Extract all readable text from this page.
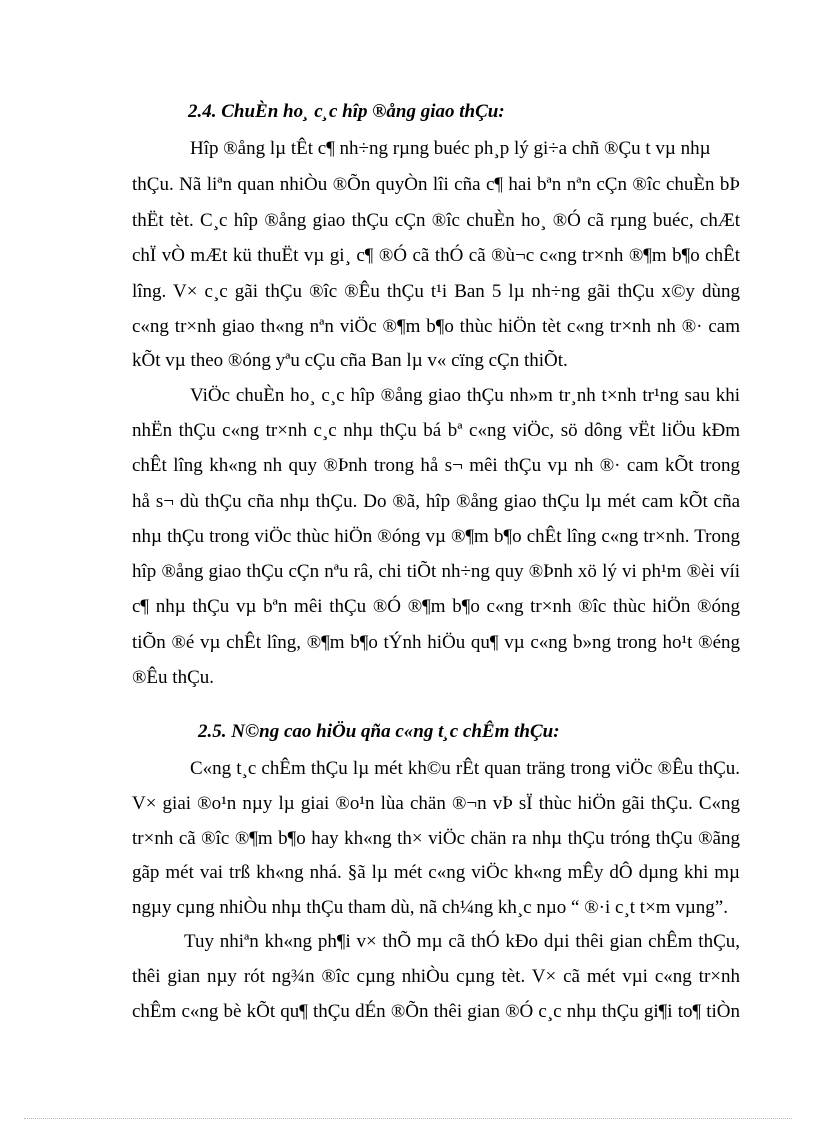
2.4. ChuÈn ho¸ c¸c hîp ®ång giao thÇu:
Hîp ®ång lµ tÊt c¶ nh÷ng rµng buéc ph¸p lý gi÷a chñ ®Çu t vµ nhµ
thÇu. Nã liªn quan nhiÒu ®Õn quyÒn lîi cña c¶ hai bªn nªn cÇn ®îc chuÈn bÞ
thËt tèt. C¸c hîp ®ång giao thÇu cÇn ®îc chuÈn ho¸ ®Ó cã rµng buéc, chÆt
chÏ vÒ mÆt kü thuËt vµ gi¸ c¶ ®Ó cã thÓ cã ®ù¬c c«ng tr×nh ®¶m b¶o chÊt
lîng. V× c¸c gãi thÇu ®îc ®Êu thÇu t¹i Ban 5 lµ nh÷ng gãi thÇu x©y dùng
c«ng tr×nh giao th«ng nªn viÖc ®¶m b¶o thùc hiÖn tèt c«ng tr×nh nh ®· cam
kÕt vµ theo ®óng yªu cÇu cña Ban lµ v« cïng cÇn thiÕt.
ViÖc chuÈn ho¸ c¸c hîp ®ång giao thÇu nh»m tr¸nh t×nh tr¹ng sau khi
nhËn thÇu c«ng tr×nh c¸c nhµ thÇu bá bª c«ng viÖc, sö dông vËt liÖu kÐm
chÊt lîng kh«ng nh quy ®Þnh trong hå s¬ mêi thÇu vµ nh ®· cam kÕt trong
hå s¬ dù thÇu cña nhµ thÇu. Do ®ã, hîp ®ång giao thÇu lµ mét cam kÕt cña
nhµ thÇu trong viÖc thùc hiÖn ®óng vµ ®¶m b¶o chÊt lîng c«ng tr×nh. Trong
hîp ®ång giao thÇu cÇn nªu râ, chi tiÕt nh÷ng quy ®Þnh xö lý vi ph¹m ®èi víi
c¶ nhµ thÇu vµ bªn mêi thÇu ®Ó ®¶m b¶o c«ng tr×nh ®îc thùc hiÖn ®óng
tiÕn ®é vµ chÊt lîng, ®¶m b¶o tÝnh hiÖu qu¶ vµ c«ng b»ng trong ho¹t ®éng
®Êu thÇu.
2.5. N©ng cao hiÖu qña c«ng t¸c chÊm thÇu:
C«ng t¸c chÊm thÇu lµ mét kh©u rÊt quan träng trong viÖc ®Êu thÇu.
V× giai ®o¹n nµy lµ giai ®o¹n lùa chän ®¬n vÞ sÏ thùc hiÖn gãi thÇu. C«ng
tr×nh cã ®îc ®¶m b¶o hay kh«ng th× viÖc chän ra nhµ thÇu tróng thÇu ®ãng
gãp mét vai trß kh«ng nhá. §ã lµ mét c«ng viÖc kh«ng mÊy dÔ dµng khi mµ
ngµy cµng nhiÒu nhµ thÇu tham dù, nã ch¼ng kh¸c nµo “ ®·i c¸t t×m vµng”.
Tuy nhiªn kh«ng ph¶i v× thÕ mµ cã thÓ kÐo dµi thêi gian chÊm thÇu,
thêi gian nµy rót ng¾n ®îc cµng nhiÒu cµng tèt. V× cã mét vµi c«ng tr×nh
chÊm c«ng bè kÕt qu¶ thÇu dÉn ®Õn thêi gian ®Ó c¸c nhµ thÇu gi¶i to¶ tiÒn
